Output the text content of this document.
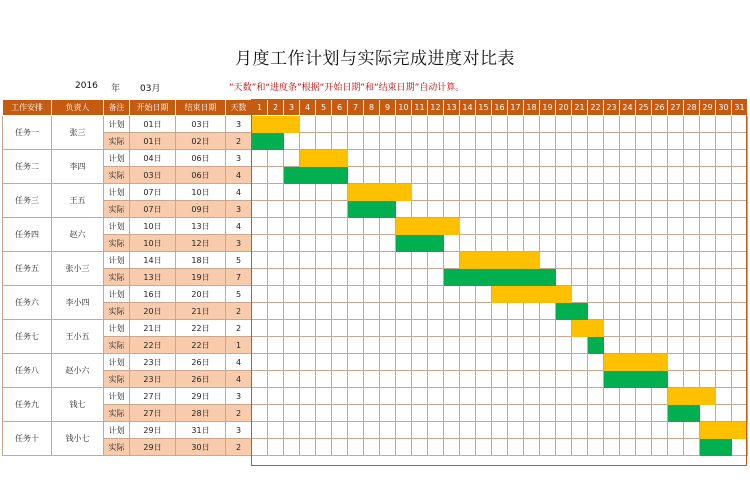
月度工作计划与实际完成进度对比表
2016 年 03月	“天数”和“进度条”根据“开始日期”和“结束日期”自动计算。
工作安排	负责人	备注	开始日期	结束日期	天数	1	2	3	4	5	6	7	8	9	10	11	12	13	14	15	16	17	18	19	20	21	22	23	24	25	26	27	28	29	30	31
任务一	张三	计划	01日	03日	3																															
		实际	01日	02日	2																															
任务二	李四	计划	04日	06日	3																															
		实际	03日	06日	4																															
任务三	王五	计划	07日	10日	4																															
		实际	07日	09日	3																															
任务四	赵六	计划	10日	13日	4																															
		实际	10日	12日	3																															
任务五	张小三	计划	14日	18日	5																															
		实际	13日	19日	7																															
任务六	李小四	计划	16日	20日	5																															
		实际	20日	21日	2																															
任务七	王小五	计划	21日	22日	2																															
		实际	22日	22日	1																															
任务八	赵小六	计划	23日	26日	4																															
		实际	23日	26日	4																															
任务九	钱七	计划	27日	29日	3																															
		实际	27日	28日	2																															
任务十	钱小七	计划	29日	31日	3																															
		实际	29日	30日	2																															
